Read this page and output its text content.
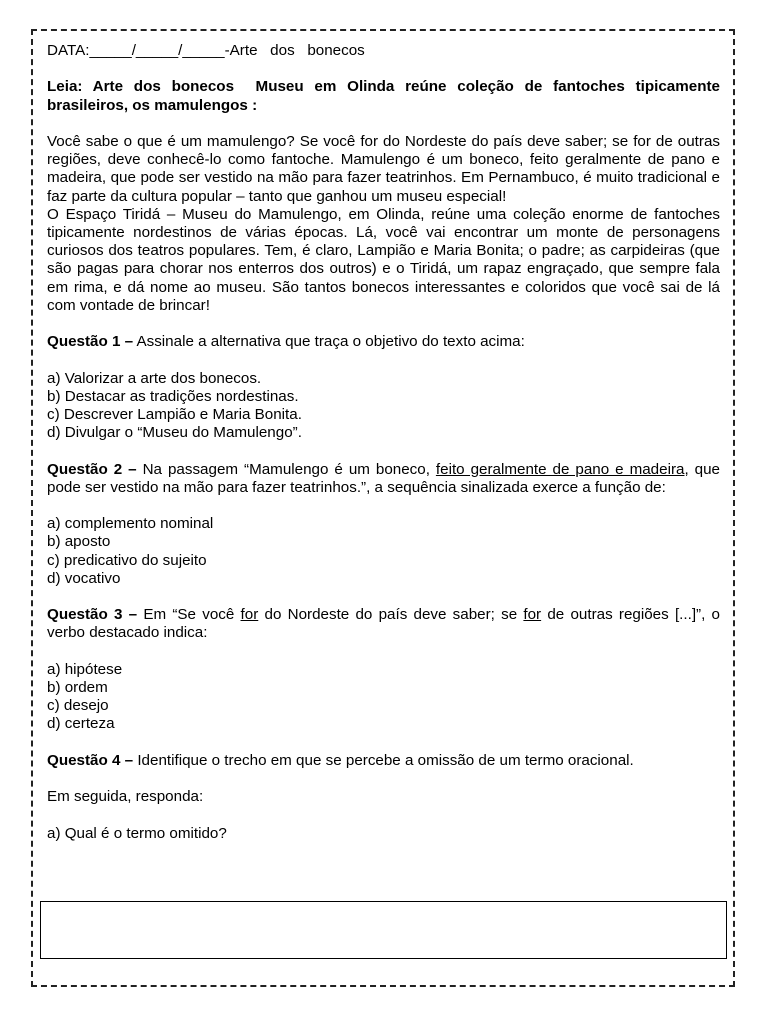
DATA:_____/_____/_____-Arte   dos   bonecos

Leia: Arte dos bonecos  Museu em Olinda reúne coleção de fantoches tipicamente brasileiros, os mamulengos :

Você sabe o que é um mamulengo? Se você for do Nordeste do país deve saber; se for de outras regiões, deve conhecê-lo como fantoche. Mamulengo é um boneco, feito geralmente de pano e madeira, que pode ser vestido na mão para fazer teatrinhos. Em Pernambuco, é muito tradicional e faz parte da cultura popular – tanto que ganhou um museu especial!

O Espaço Tiridá – Museu do Mamulengo, em Olinda, reúne uma coleção enorme de fantoches tipicamente nordestinos de várias épocas. Lá, você vai encontrar um monte de personagens curiosos dos teatros populares. Tem, é claro, Lampião e Maria Bonita; o padre; as carpideiras (que são pagas para chorar nos enterros dos outros) e o Tiridá, um rapaz engraçado, que sempre fala em rima, e dá nome ao museu. São tantos bonecos interessantes e coloridos que você sai de lá com vontade de brincar!

Questão 1 – Assinale a alternativa que traça o objetivo do texto acima:

a) Valorizar a arte dos bonecos.

b) Destacar as tradições nordestinas.

c) Descrever Lampião e Maria Bonita.

d) Divulgar o “Museu do Mamulengo”.

Questão 2 – Na passagem “Mamulengo é um boneco, feito geralmente de pano e madeira, que pode ser vestido na mão para fazer teatrinhos.”, a sequência sinalizada exerce a função de:

a) complemento nominal

b) aposto

c) predicativo do sujeito

d) vocativo

Questão 3 – Em “Se você for do Nordeste do país deve saber; se for de outras regiões [...]”, o verbo destacado indica:

a) hipótese

b) ordem

c) desejo

d) certeza

Questão 4 – Identifique o trecho em que se percebe a omissão de um termo oracional.

Em seguida, responda:

a) Qual é o termo omitido?
